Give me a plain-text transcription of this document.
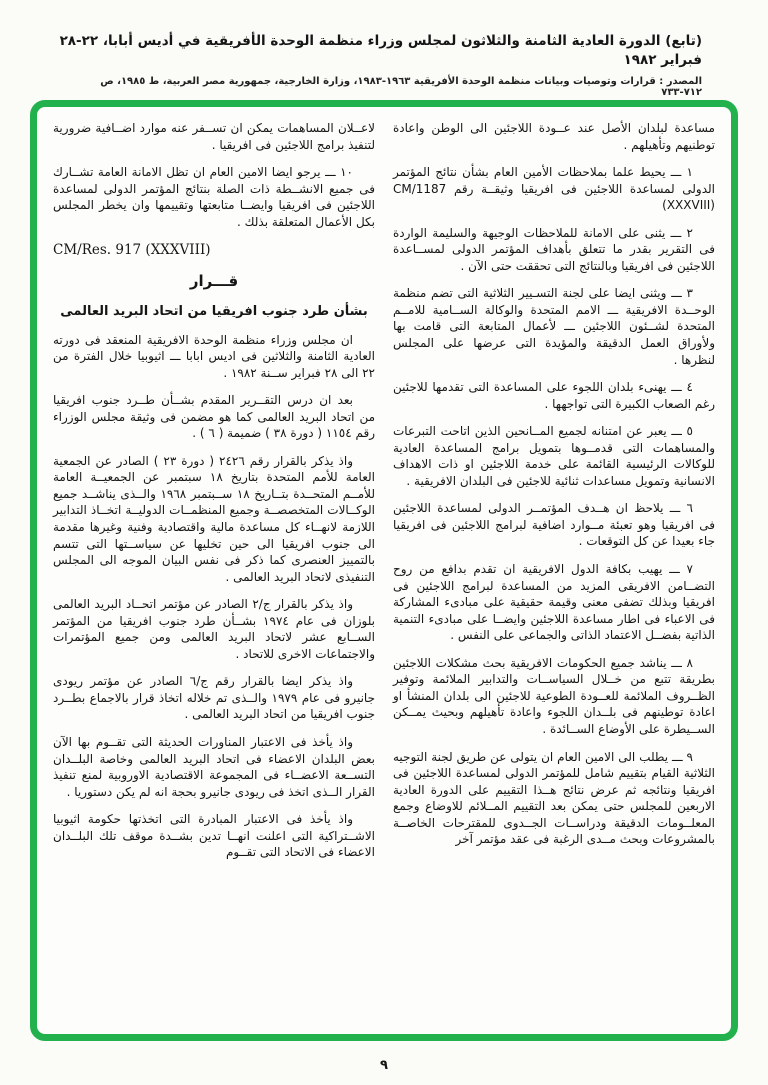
(تابع) الدورة العادية الثامنة والثلاثون لمجلس وزراء منظمة الوحدة الأفريقية في أديس أبابا، ٢٢-٢٨ فبراير ١٩٨٢
المصدر : قرارات وتوصيات وبيانات منظمة الوحدة الأفريقية ١٩٦٣-١٩٨٣، وزارة الخارجية، جمهورية مصر العربية، ط ١٩٨٥، ص ٧١٢-٧٣٣

مساعدة لبلدان الأصل عند عــودة اللاجئين الى الوطن واعادة توطنيهم وتأهيلهم .

١ ـــ يحيط علما بملاحظات الأمين العام بشأن نتائج المؤتمر الدولى لمساعدة اللاجئين فى افريقيا وثيقــة رقم CM/1187 (XXXVIII)

٢ ـــ يثنى على الامانة للملاحظات الوجيهة والسليمة الواردة فى التقرير بقدر ما تتعلق بأهداف المؤتمر الدولى لمســاعدة اللاجئين فى افريقيا وبالنتائج التى تحققت حتى الآن .

٣ ـــ ويثنى ايضا على لجنة التسـيير الثلاثية التى تضم منظمة الوحــدة الافريقية ـــ الامم المتحدة والوكالة الســامية للامــم المتحدة لشــئون اللاجئين ـــ لأعمال المتابعة التى قامت بها ولأوراق العمل الدقيقة والمؤيدة التى عرضها على المجلس لنظرها .

٤ ـــ يهنىء بلدان اللجوء على المساعدة التى تقدمها للاجئين رغم الصعاب الكبيرة التى تواجهها .

٥ ـــ يعبر عن امتنانه لجميع المــانحين الذين اتاحت التبرعات والمساهمات التى قدمــوها بتمويل برامج المساعدة العادية للوكالات الرئيسية القائمة على خدمة اللاجئين او ذات الاهداف الانسانية وتمويل مساعدات ثنائية للاجئين فى البلدان الافريقية .

٦ ـــ يلاحظ ان هــدف المؤتمــر الدولى لمساعدة اللاجئين فى افريقيا وهو تعبئة مــوارد اضافية لبرامج اللاجئين فى افريقيا جاء بعيدا عن كل التوقعات .

٧ ـــ يهيب بكافة الدول الافريقية ان تقدم بدافع من روح التضــامن الافريقى المزيد من المساعدة لبرامج اللاجئين فى افريقيا وبذلك تضفى معنى وقيمة حقيقية على مبادىء المشاركة فى الاعباء فى اطار مساعدة اللاجئين وايضــا على مبادىء التنمية الذاتية بفضــل الاعتماد الذاتى والجماعى على النفس .

٨ ـــ يناشد جميع الحكومات الافريقية بحث مشكلات اللاجئين بطريقة تتبع من خــلال السياســات والتدابير الملائمة وتوفير الظــروف الملائمة للعــودة الطوعية للاجئين الى بلدان المنشأ او اعادة توطينهم فى بلــدان اللجوء واعادة تأهيلهم وبحيث يمــكن الســيطرة على الأوضاع الســائدة .

٩ ـــ يطلب الى الامين العام ان يتولى عن طريق لجنة التوجيه الثلاثية القيام بتقييم شامل للمؤتمر الدولى لمساعدة اللاجئين فى افريقيا ونتائجه ثم عرض نتائج هــذا التقييم على الدورة العادية الاربعين للمجلس حتى يمكن بعد التقييم المــلائم للاوضاع وجمع المعلــومات الدقيقة ودراســات الجــدوى للمقترحات الخاصــة بالمشروعات وبحث مــدى الرغبة فى عقد مؤتمر آخر

لاعــلان المساهمات يمكن ان تســفر عنه موارد اضــافية ضرورية لتنفيذ برامج اللاجئين فى افريقيا .

١٠ ـــ يرجو ايضا الامين العام ان تظل الامانة العامة تشــارك فى جميع الانشــطة ذات الصلة بنتائج المؤتمر الدولى لمساعدة اللاجئين فى افريقيا وايضــا متابعتها وتقييمها وان يخطر المجلس بكل الأعمال المتعلقة بذلك .

CM/Res. 917 (XXXVIII)

قـــرار

بشأن طرد جنوب افريقيا من اتحاد البريد العالمى

ان مجلس وزراء منظمة الوحدة الافريقية المنعقد فى دورته العادية الثامنة والثلاثين فى اديس ابابا ـــ اثيوبيا خلال الفترة من ٢٢ الى ٢٨ فبراير ســنة ١٩٨٢ .

بعد ان درس التقــرير المقدم بشــأن طــرد جنوب افريقيا من اتحاد البريد العالمى كما هو مضمن فى وثيقة مجلس الوزراء رقم ١١٥٤ ( دورة ٣٨ ) ضميمة ( ٦ ) .

واذ يذكر بالقرار رقم ٢٤٢٦ ( دورة ٢٣ ) الصادر عن الجمعية العامة للأمم المتحدة بتاريخ ١٨ سبتمبر عن الجمعيــة العامة للأمــم المتحــدة بتــاريخ ١٨ ســبتمبر ١٩٦٨ والــذى يناشــد جميع الوكــالات المتخصصــة وجميع المنظمــات الدوليــة اتخــاذ التدابير اللازمة لانهــاء كل مساعدة مالية واقتصادية وفنية وغيرها مقدمة الى جنوب افريقيا الى حين تخليها عن سياســتها التى تتسم بالتمييز العنصرى كما ذكر فى نفس البيان الموجه الى المجلس التنفيذى لاتحاد البريد العالمى .

واذ يذكر بالقرار ج/٢ الصادر عن مؤتمر اتحــاد البريد العالمى بلوزان فى عام ١٩٧٤ بشــأن طرد جنوب افريقيا من المؤتمر الســابع عشر لاتحاد البريد العالمى ومن جميع المؤتمرات والاجتماعات الاخرى للاتحاد .

واذ يذكر ايضا بالقرار رقم ج/٦ الصادر عن مؤتمر ريودى جانيرو فى عام ١٩٧٩ والــذى تم خلاله اتخاذ قرار بالاجماع بطــرد جنوب افريقيا من اتحاد البريد العالمى .

واذ يأخذ فى الاعتبار المناورات الحديثة التى تقــوم بها الآن بعض البلدان الاعضاء فى اتحاد البريد العالمى وخاصة البلــدان التســعة الاعضــاء فى المجموعة الاقتصادية الاوروبية لمنع تنفيذ القرار الــذى اتخذ فى ريودى جانيرو بحجة انه لم يكن دستوريا .

واذ يأخذ فى الاعتبار المبادرة التى اتخذتها حكومة اثيوبيا الاشــتراكية التى اعلنت انهــا تدين بشــدة موقف تلك البلــدان الاعضاء فى الاتحاد التى تقــوم

٩
